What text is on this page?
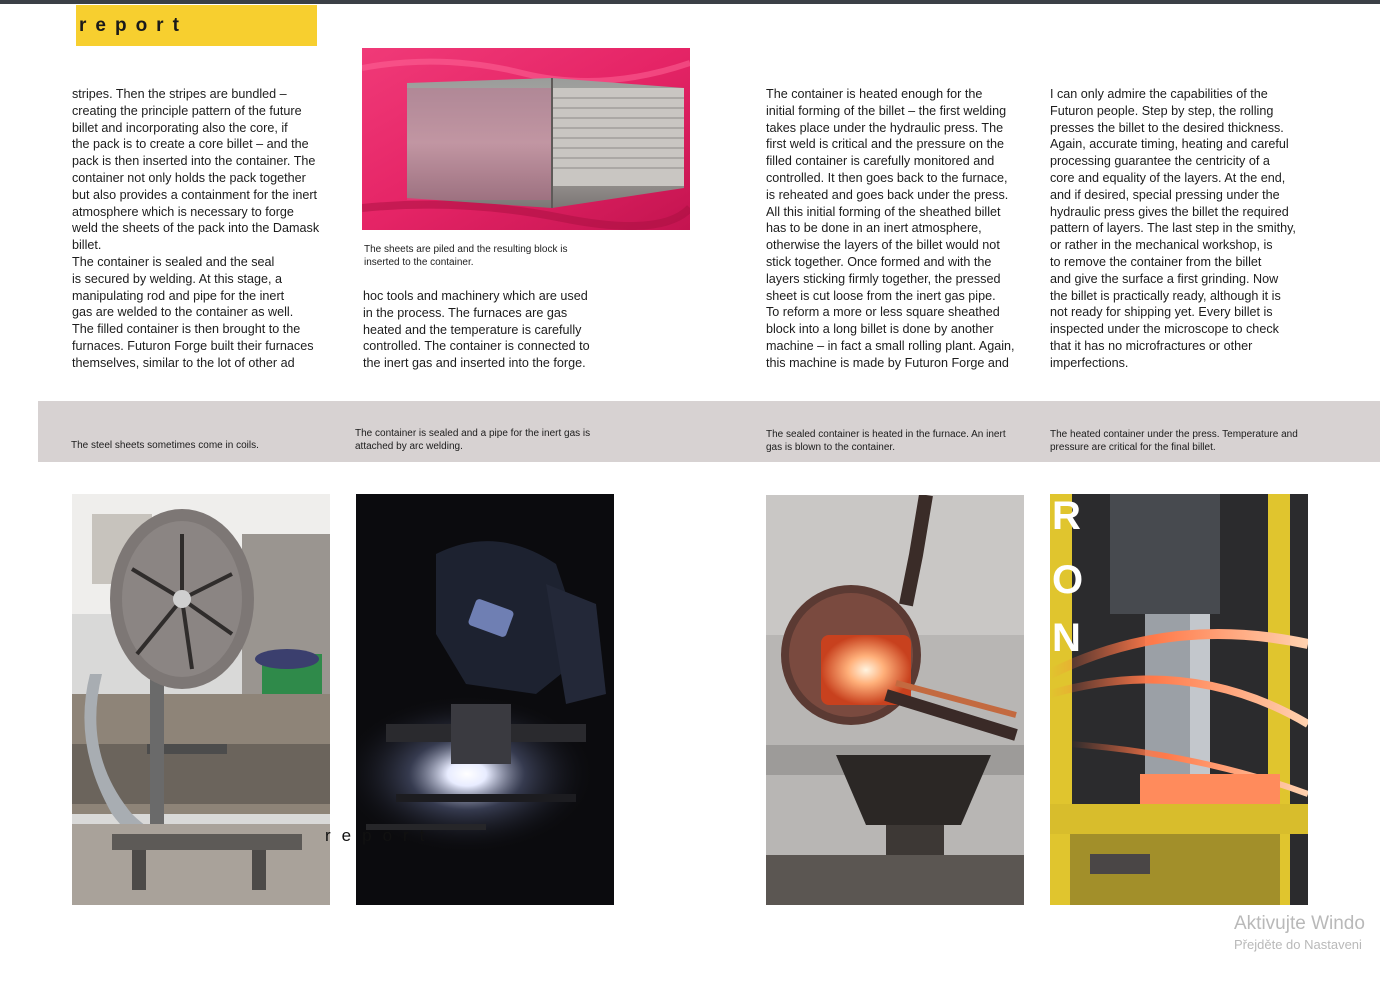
report

stripes. Then the stripes are bundled –

creating the principle pattern of the future

billet and incorporating also the core, if

the pack is to create a core billet – and the

pack is then inserted into the container. The

container not only holds the pack together

but also provides a containment for the inert

atmosphere which is necessary to forge

weld the sheets of the pack into the Damask

billet.

The container is sealed and the seal

is secured by welding. At this stage, a

manipulating rod and pipe for the inert

gas are welded to the container as well.

The filled container is then brought to the

furnaces. Futuron Forge built their furnaces

themselves, similar to the lot of other ad

The sheets are piled and the resulting block is
inserted to the container.

hoc tools and machinery which are used

in the process. The furnaces are gas

heated and the temperature is carefully

controlled. The container is connected to

the inert gas and inserted into the forge.

The container is heated enough for the

initial forming of the billet – the first welding

takes place under the hydraulic press. The

first weld is critical and the pressure on the

filled container is carefully monitored and

controlled. It then goes back to the furnace,

is reheated and goes back under the press.

All this initial forming of the sheathed billet

has to be done in an inert atmosphere,

otherwise the layers of the billet would not

stick together. Once formed and with the

layers sticking firmly together, the pressed

sheet is cut loose from the inert gas pipe.

To reform a more or less square sheathed

block into a long billet is done by another

machine – in fact a small rolling plant. Again,

this machine is made by Futuron Forge and

I can only admire the capabilities of the

Futuron people. Step by step, the rolling

presses the billet to the desired thickness.

Again, accurate timing, heating and careful

processing guarantee the centricity of a

core and equality of the layers. At the end,

and if desired, special pressing under the

hydraulic press gives the billet the required

pattern of layers. The last step in the smithy,

or rather in the mechanical workshop, is

to remove the container from the billet

and give the surface a first grinding. Now

the billet is practically ready, although it is

not ready for shipping yet. Every billet is

inspected under the microscope to check

that it has no microfractures or other

imperfections.

The steel sheets sometimes come in coils.
The container is sealed and a pipe for the inert gas is
attached by arc welding.
The sealed container is heated in the furnace. An inert
gas is blown to the container.
The heated container under the press. Temperature and
pressure are critical for the final billet.
R
O
N
report
Aktivujte Windo
Přejděte do Nastaveni
